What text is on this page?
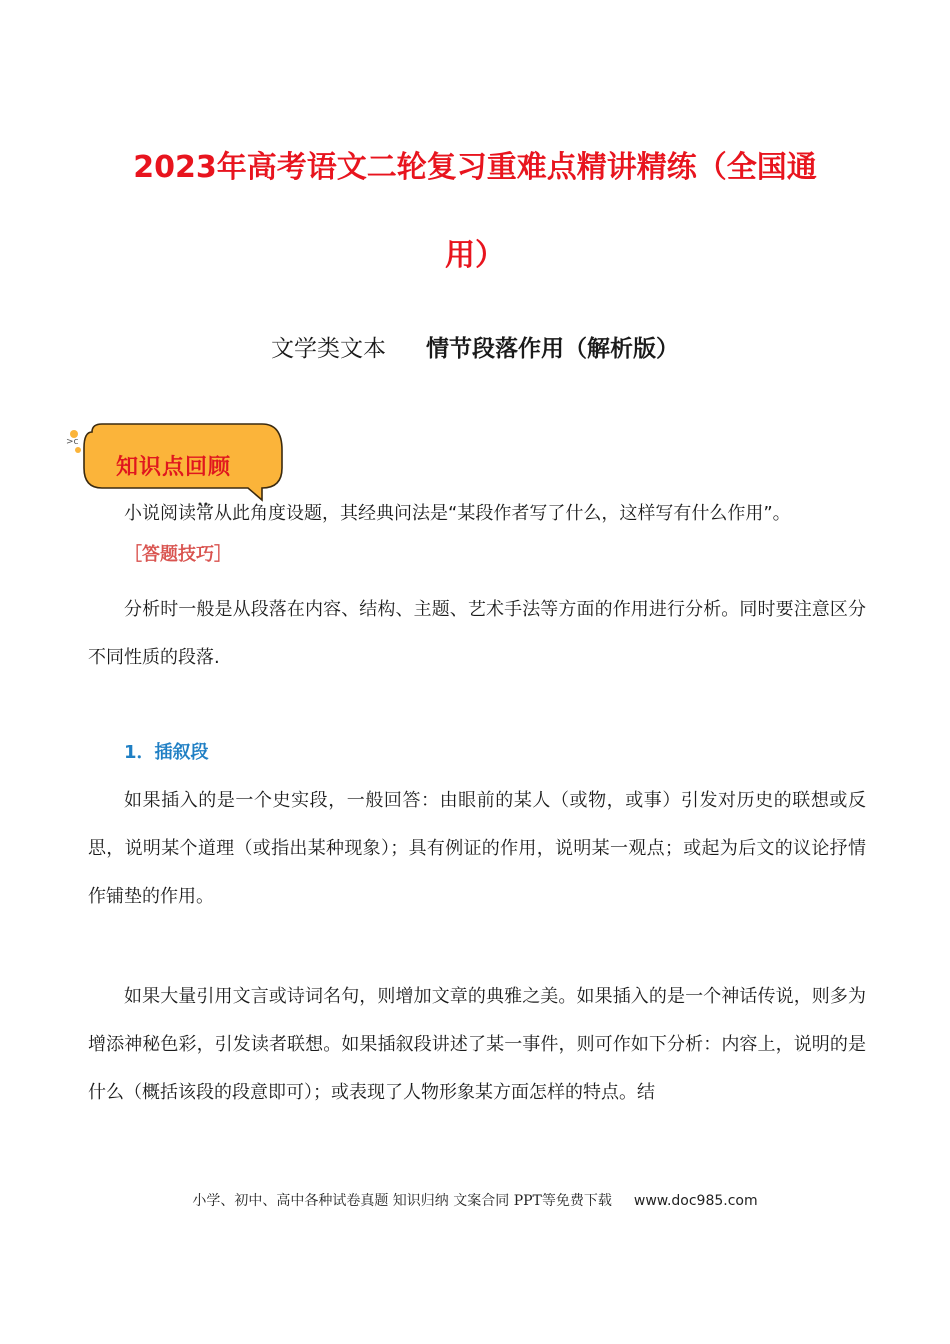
2023年高考语文二轮复习重难点精讲精练（全国通
用）
文学类文本 情节段落作用（解析版）
>c
知识点回顾

小说阅读常从此角度设题，其经典问法是“某段作者写了什么，这样写有什么作用”。

［答题技巧］

分析时一般是从段落在内容、结构、主题、艺术手法等方面的作用进行分析。同时要注意区分不同性质的段落.

1．插叙段

如果插入的是一个史实段，一般回答：由眼前的某人（或物，或事）引发对历史的联想或反思，说明某个道理（或指出某种现象）；具有例证的作用，说明某一观点；或起为后文的议论抒情作铺垫的作用。

如果大量引用文言或诗词名句，则增加文章的典雅之美。如果插入的是一个神话传说，则多为增添神秘色彩，引发读者联想。如果插叙段讲述了某一事件，则可作如下分析：内容上，说明的是什么（概括该段的段意即可）；或表现了人物形象某方面怎样的特点。结

小学、初中、高中各种试卷真题 知识归纳 文案合同 PPT等免费下载 www.doc985.com
